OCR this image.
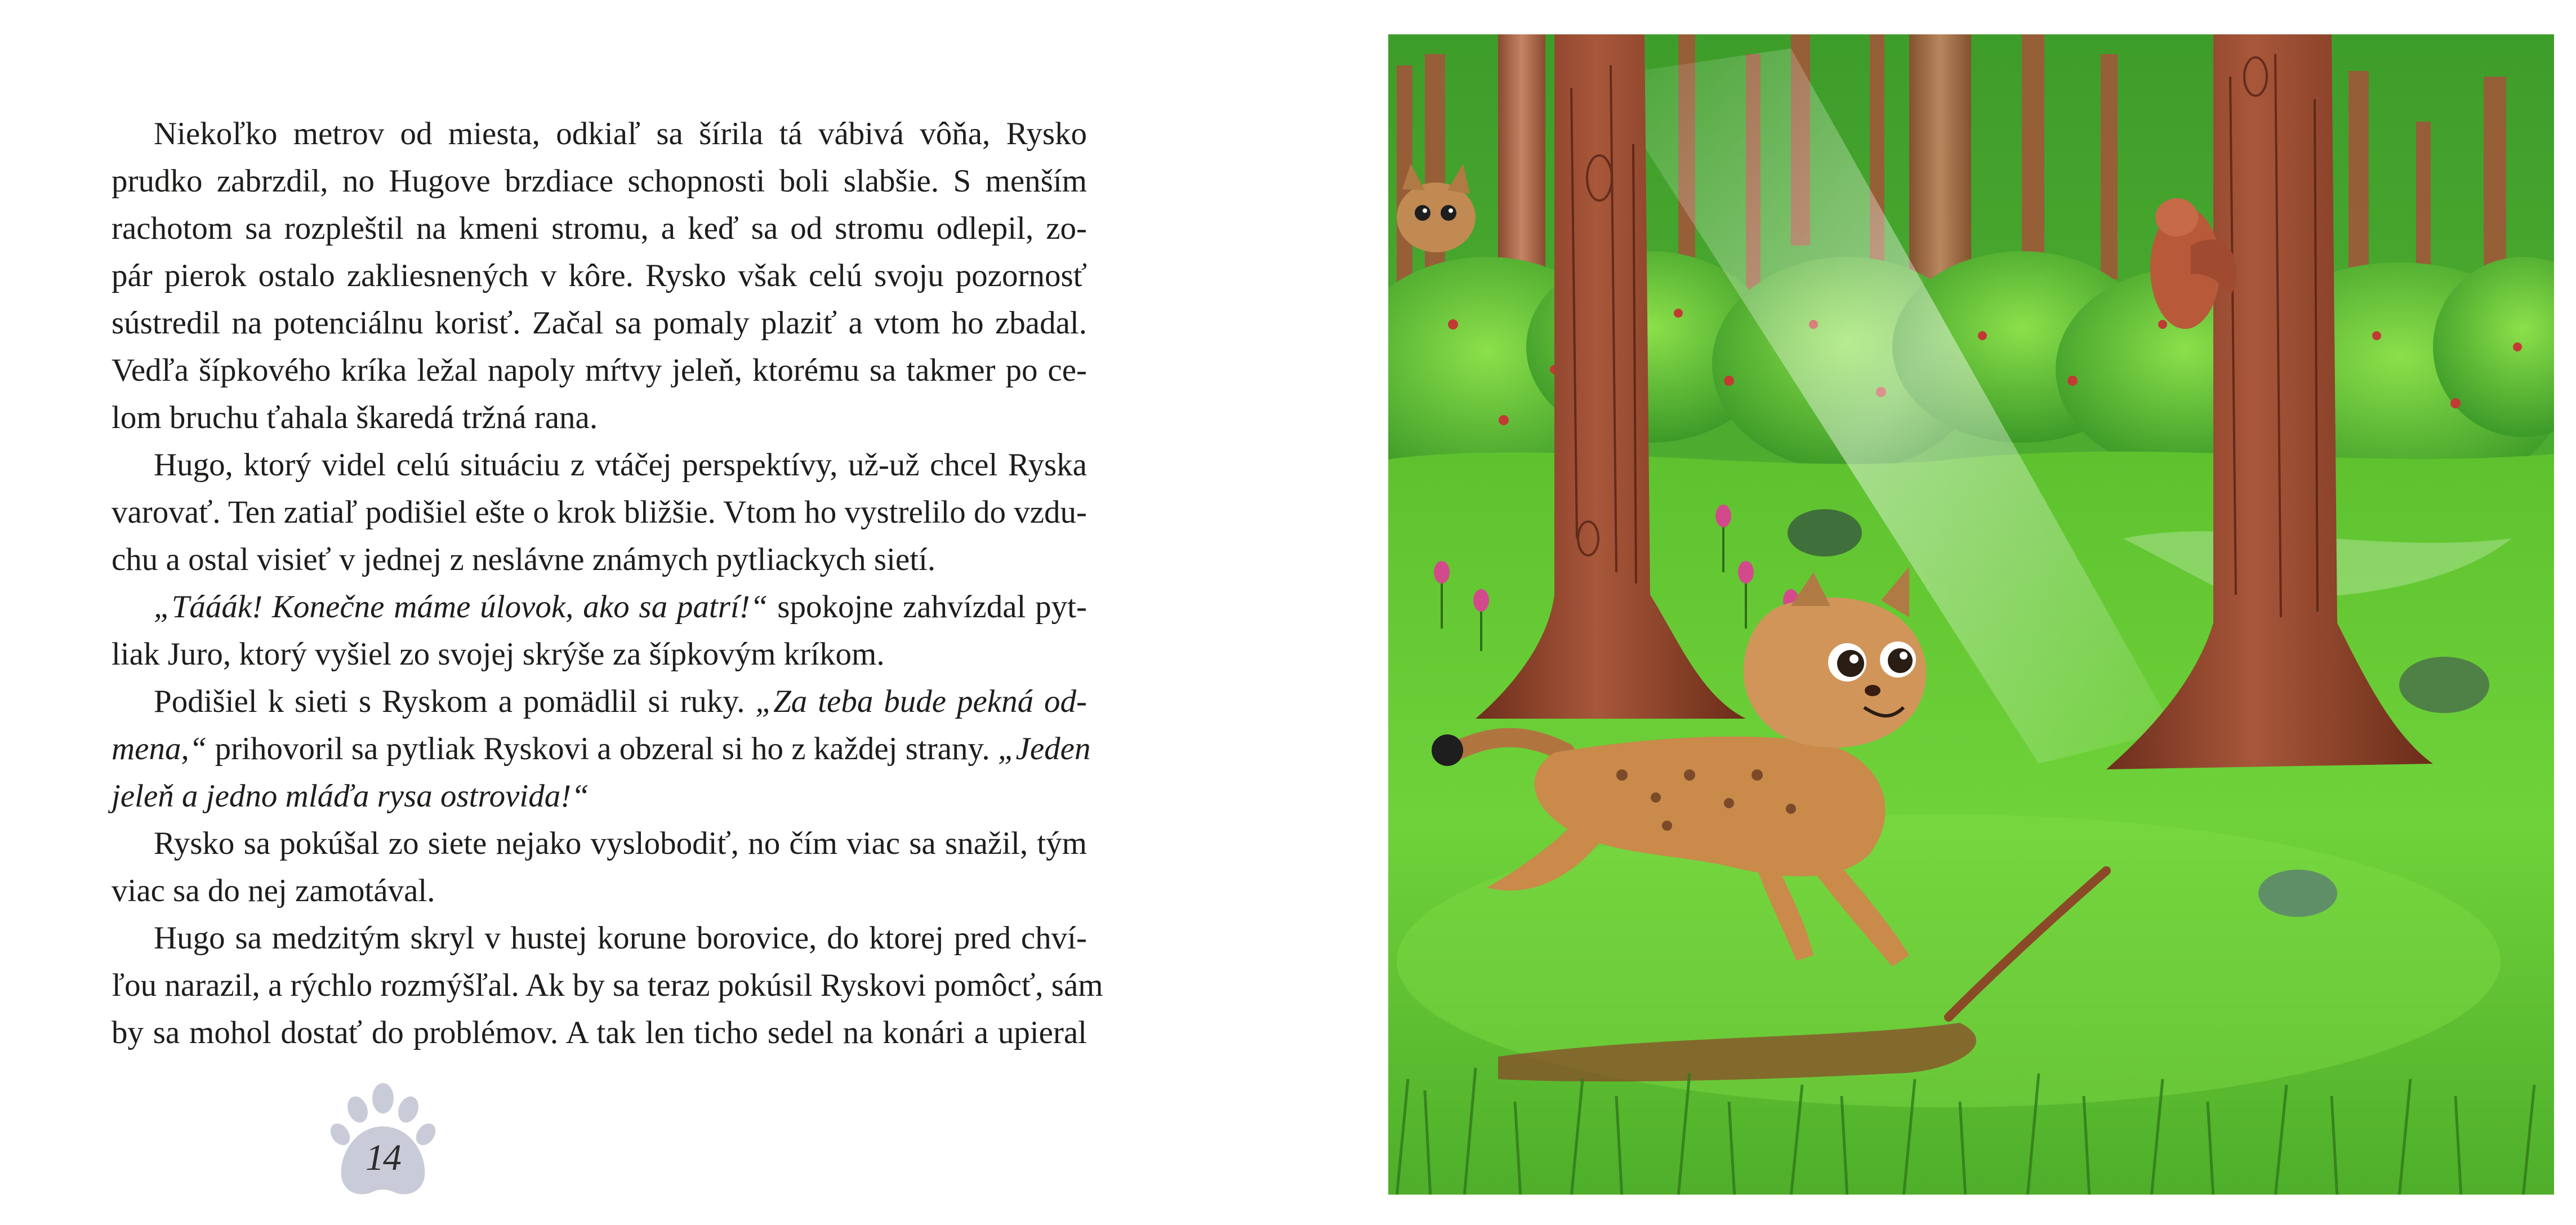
Niekoľko metrov od miesta, odkiaľ sa šírila tá vábivá vôňa, Rysko
prudko zabrzdil, no Hugove brzdiace schopnosti boli slabšie. S menším
rachotom sa rozpleštil na kmeni stromu, a keď sa od stromu odlepil, zo-
pár pierok ostalo zakliesnených v kôre. Rysko však celú svoju pozornosť
sústredil na potenciálnu korisť. Začal sa pomaly plaziť a vtom ho zbadal.
Vedľa šípkového kríka ležal napoly mŕtvy jeleň, ktorému sa takmer po ce-
lom bruchu ťahala škaredá tržná rana.
Hugo, ktorý videl celú situáciu z vtáčej perspektívy, už-už chcel Ryska
varovať. Ten zatiaľ podišiel ešte o krok bližšie. Vtom ho vystrelilo do vzdu-
chu a ostal visieť v jednej z neslávne známych pytliackych sietí.
„Tááák! Konečne máme úlovok, ako sa patrí!“ spokojne zahvízdal pyt-
liak Juro, ktorý vyšiel zo svojej skrýše za šípkovým kríkom.
Podišiel k sieti s Ryskom a pomädlil si ruky. „Za teba bude pekná od-
mena,“ prihovoril sa pytliak Ryskovi a obzeral si ho z každej strany. „Jeden
jeleň a jedno mláďa rysa ostrovida!“
Rysko sa pokúšal zo siete nejako vyslobodiť, no čím viac sa snažil, tým
viac sa do nej zamotával.
Hugo sa medzitým skryl v hustej korune borovice, do ktorej pred chví-
ľou narazil, a rýchlo rozmýšľal. Ak by sa teraz pokúsil Ryskovi pomôcť, sám
by sa mohol dostať do problémov. A tak len ticho sedel na konári a upieral
14
